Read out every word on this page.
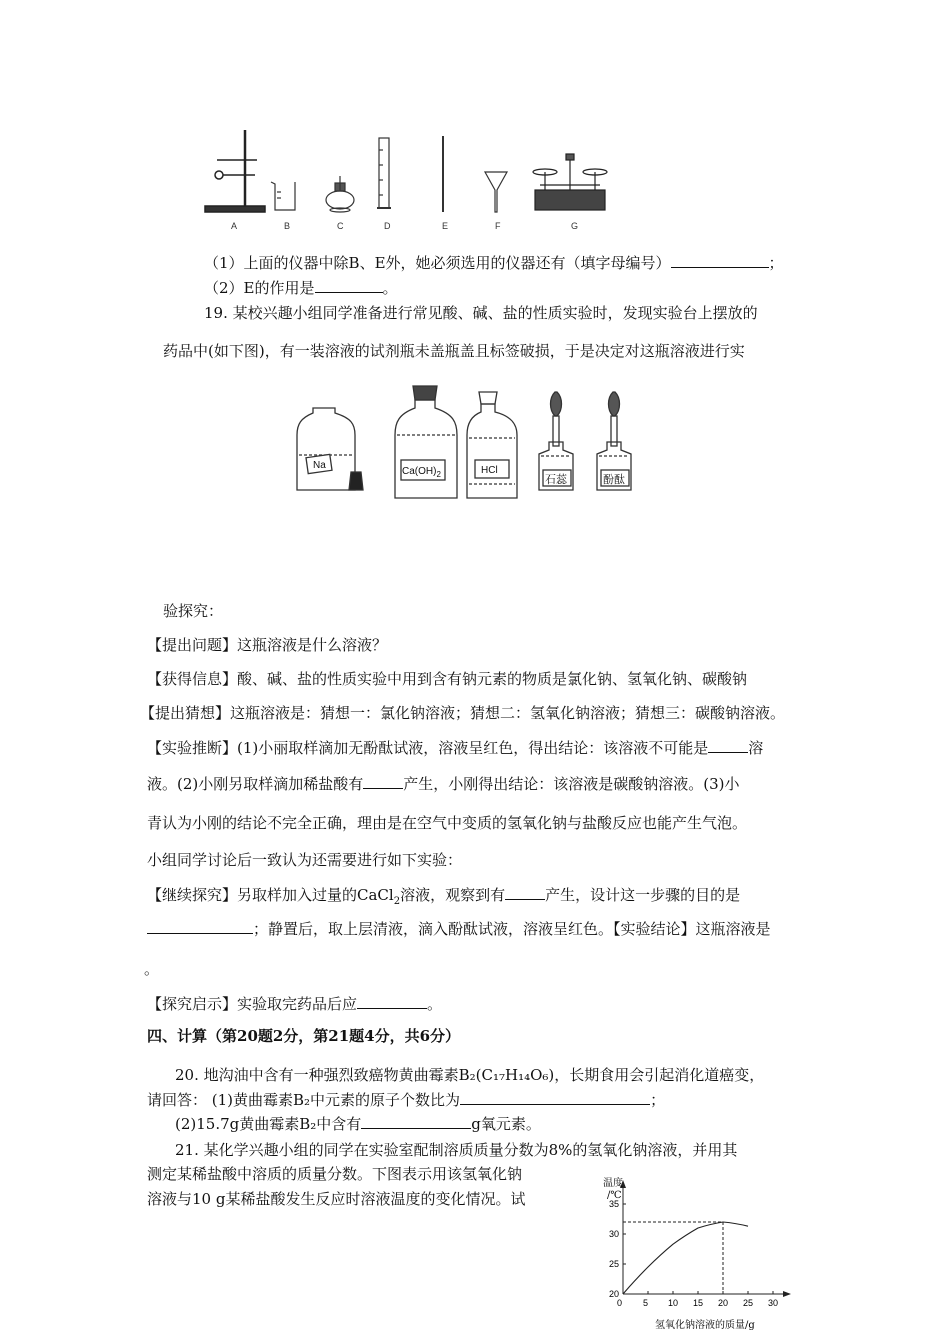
A	B	C	D	E	F	G
（1）上面的仪器中除B、E外，她必须选用的仪器还有（填字母编号）	；
（2）E的作用是	。
19. 某校兴趣小组同学准备进行常见酸、碱、盐的性质实验时，发现实验台上摆放的
药品中(如下图)，有一装溶液的试剂瓶未盖瓶盖且标签破损，于是决定对这瓶溶液进行实
Na
$Ca(OH)_2$	HCl
石蕊	酚酞
验探究：
【提出问题】这瓶溶液是什么溶液？
【获得信息】酸、碱、盐的性质实验中用到含有钠元素的物质是氯化钠、氢氧化钠、碳酸钠
【提出猜想】这瓶溶液是：猜想一：氯化钠溶液；猜想二：氢氧化钠溶液；猜想三：碳酸钠溶液。
【实验推断】(1)小丽取样滴加无酚酞试液，溶液呈红色，得出结论：该溶液不可能是	溶
液。(2)小刚另取样滴加稀盐酸有	产生，小刚得出结论：该溶液是碳酸钠溶液。(3)小
青认为小刚的结论不完全正确，理由是在空气中变质的氢氧化钠与盐酸反应也能产生气泡。
小组同学讨论后一致认为还需要进行如下实验：
【继续探究】另取样加入过量的CaCl$_2$溶液，观察到有	产生，设计这一步骤的目的是
；静置后，取上层清液，滴入酚酞试液，溶液呈红色。【实验结论】这瓶溶液是
。
【探究启示】实验取完药品后应	。
四、计算（第20题2分，第21题4分，共6分）
20. 地沟油中含有一种强烈致癌物黄曲霉素B₂(C₁₇H₁₄O₆)，长期食用会引起消化道癌变，
请回答： (1)黄曲霉素B₂中元素的原子个数比为	；
(2)15.7g黄曲霉素B₂中含有	g氧元素。
21. 某化学兴趣小组的同学在实验室配制溶质质量分数为8%的氢氧化钠溶液，并用其
测定某稀盐酸中溶质的质量分数。下图表示用该氢氧化钠
溶液与10 g某稀盐酸发生反应时溶液温度的变化情况。试
0 5 10 15 20 25 30
20
25
30
35
温度
/℃
氢氧化钠溶液的质量/g
